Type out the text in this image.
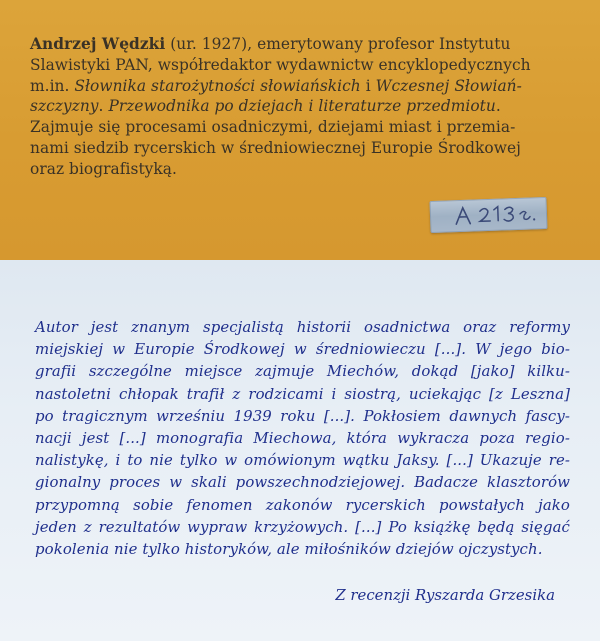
Andrzej Wędzki (ur. 1927), emerytowany profesor Instytutu
Slawistyki PAN, współredaktor wydawnictw encyklopedycznych
m.in. Słownika starożytności słowiańskich i Wczesnej Słowiań-
szczyzny. Przewodnika po dziejach i literaturze przedmiotu.
Zajmuje się procesami osadniczymi, dziejami miast i przemia-
nami siedzib rycerskich w średniowiecznej Europie Środkowej
oraz biografistyką.
Autor jest znanym specjalistą historii osadnictwa oraz reformy
miejskiej w Europie Środkowej w średniowieczu [...]. W jego bio-
grafii szczególne miejsce zajmuje Miechów, dokąd [jako] kilku-
nastoletni chłopak trafił z rodzicami i siostrą, uciekając [z Leszna]
po tragicznym wrześniu 1939 roku [...]. Pokłosiem dawnych fascy-
nacji jest [...] monografia Miechowa, która wykracza poza regio-
nalistykę, i to nie tylko w omówionym wątku Jaksy. [...] Ukazuje re-
gionalny proces w skali powszechnodziejowej. Badacze klasztorów
przypomną sobie fenomen zakonów rycerskich powstałych jako
jeden z rezultatów wypraw krzyżowych. [...] Po książkę będą sięgać
pokolenia nie tylko historyków, ale miłośników dziejów ojczystych.
Z recenzji Ryszarda Grzesika
